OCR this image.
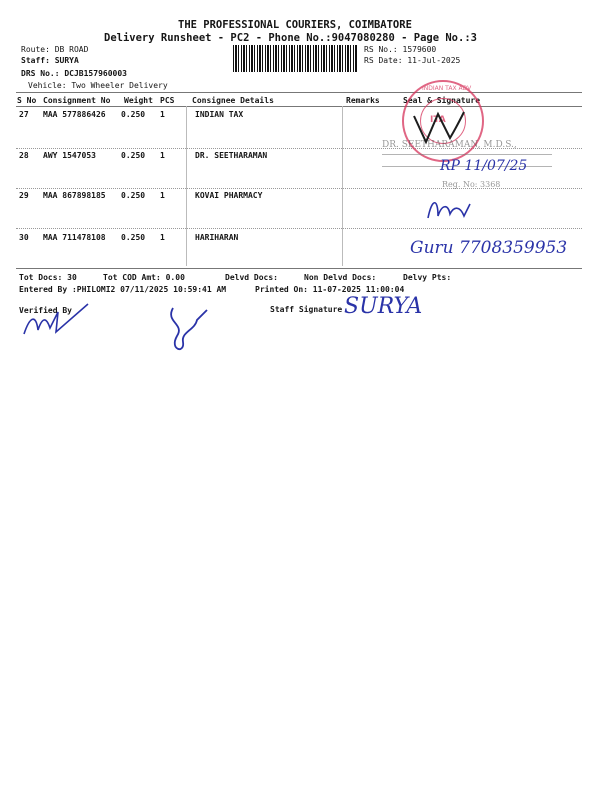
THE PROFESSIONAL COURIERS, COIMBATORE
Delivery Runsheet - PC2 - Phone No.:9047080280 - Page No.:3
Route: DB ROAD
Staff: SURYA
DRS No.: DCJB157960003
Vehicle: Two Wheeler Delivery
RS No.: 1579600
RS Date: 11-Jul-2025
S No Consignment No Weight PCS Consignee Details	Remarks	Seal & Signature
27 MAA 577886426 0.250 1	INDIAN TAX
28 AWY 1547053	0.250 1	DR. SEETHARAMAN
29 MAA 867898185 0.250 1	KOVAI PHARMACY
30 MAA 711478108 0.250 1	HARIHARAN
INDIAN TAX ADV
ITA
DR. SEETHARAMAN, M.D.S.,
Reg. No: 3368
RP 11/07/25
Guru 7708359953
Tot Docs: 30	Tot COD Amt: 0.00	Delvd Docs:	Non Delvd Docs:	Delvy Pts:
Entered By :PHILOMI2 07/11/2025 10:59:41 AM	Printed On: 11-07-2025 11:00:04
Verified By	Staff Signature SURYA
